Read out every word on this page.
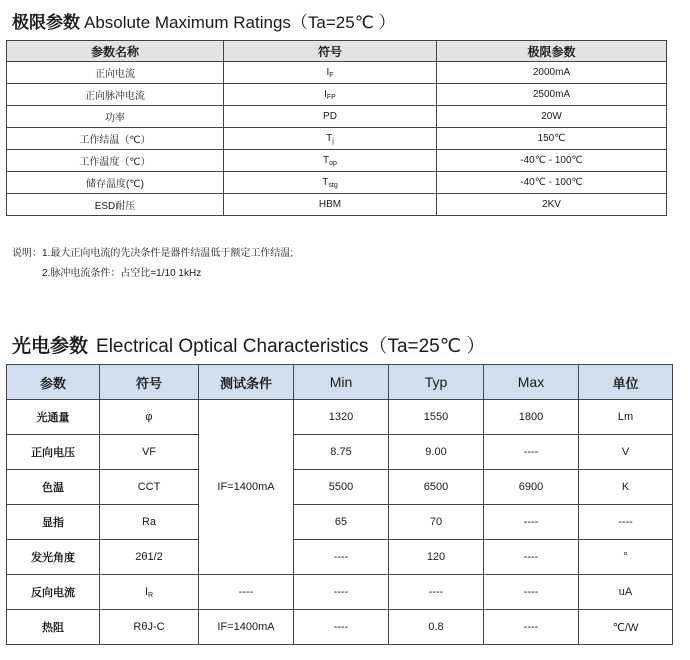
极限参数 Absolute Maximum Ratings（Ta=25℃ ）
参数名称	符号	极限参数
正向电流	$I_F$	2000mA
正向脉冲电流	$I_{FP}$	2500mA
功率	PD	20W
工作结温（℃）	$T_j$	150℃
工作温度（℃）	$T_{op}$	-40℃ - 100℃
储存温度(℃)	$T_{stg}$	-40℃ - 100℃
ESD耐压	HBM	2KV
说明：1.最大正向电流的先决条件是器件结温低于额定工作结温;
2.脉冲电流条件：占空比=1/10 1kHz
光电参数 Electrical Optical Characteristics（Ta=25℃ ）
参数	符号	测试条件	Min	Typ	Max	单位
光通量	φ	IF=1400mA	1320	1550	1800	Lm
正向电压	VF		8.75	9.00	----	V
色温	CCT		5500	6500	6900	K
显指	Ra		65	70	----	----
发光角度	2θ1/2		----	120	----	°
反向电流	$I_R$	----	----	----	----	uA
热阻	RθJ-C	IF=1400mA	----	0.8	----	℃/W
